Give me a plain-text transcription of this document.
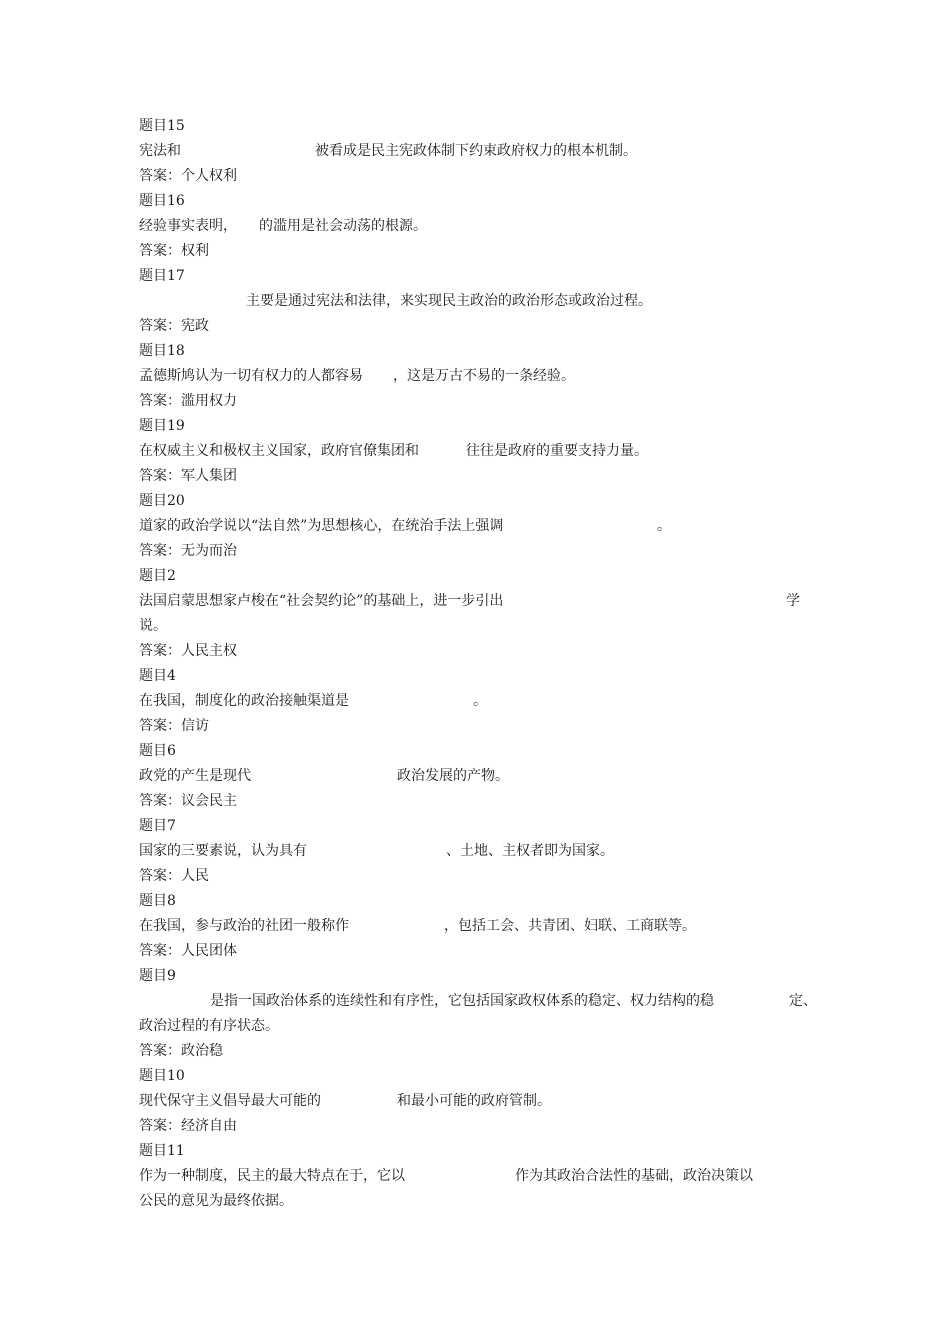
题目15
宪法和	被看成是民主宪政体制下约束政府权力的根本机制。
答案：个人权利
题目16
经验事实表明， 的滥用是社会动荡的根源。
答案：权利
题目17
主要是通过宪法和法律，来实现民主政治的政治形态或政治过程。
答案：宪政
题目18
孟德斯鸠认为一切有权力的人都容易 ，这是万古不易的一条经验。
答案：滥用权力
题目19
在权威主义和极权主义国家，政府官僚集团和	往往是政府的重要支持力量。
答案：军人集团
题目20
道家的政治学说以“法自然”为思想核心，在统治手法上强调	。
答案：无为而治
题目2
法国启蒙思想家卢梭在“社会契约论”的基础上，进一步引出	学
说。
答案：人民主权
题目4
在我国，制度化的政治接触渠道是	。
答案：信访
题目6
政党的产生是现代	政治发展的产物。
答案：议会民主
题目7
国家的三要素说，认为具有	、土地、主权者即为国家。
答案：人民
题目8
在我国，参与政治的社团一般称作	，包括工会、共青团、妇联、工商联等。
答案：人民团体
题目9
是指一国政治体系的连续性和有序性，它包括国家政权体系的稳定、权力结构的稳	定、
政治过程的有序状态。
答案：政治稳
题目10
现代保守主义倡导最大可能的	和最小可能的政府管制。
答案：经济自由
题目11
作为一种制度，民主的最大特点在于，它以	作为其政治合法性的基础，政治决策以
公民的意见为最终依据。
